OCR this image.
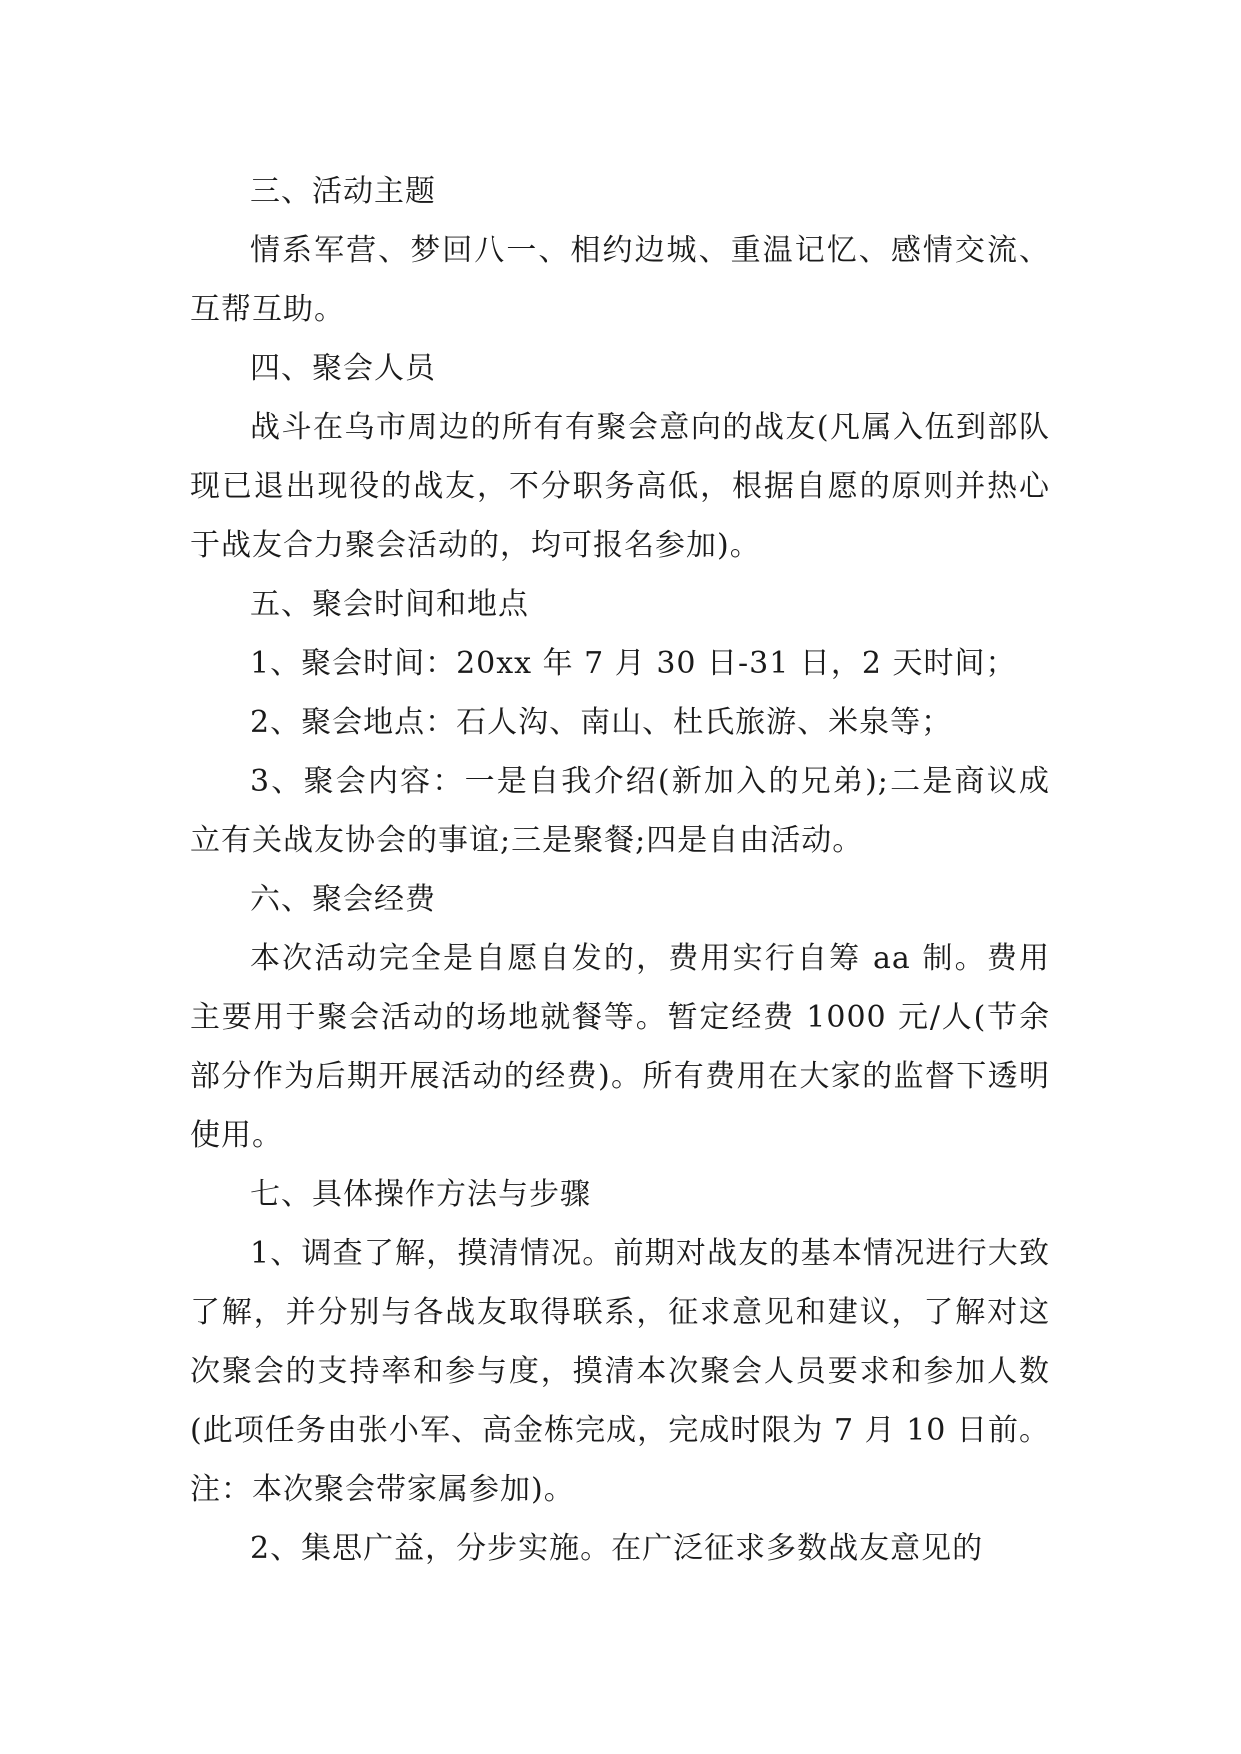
三、活动主题

情系军营、梦回八一、相约边城、重温记忆、感情交流、互帮互助。

四、聚会人员

战斗在乌市周边的所有有聚会意向的战友(凡属入伍到部队现已退出现役的战友，不分职务高低，根据自愿的原则并热心于战友合力聚会活动的，均可报名参加)。

五、聚会时间和地点

1、聚会时间：20xx 年 7 月 30 日-31 日，2 天时间；

2、聚会地点：石人沟、南山、杜氏旅游、米泉等；

3、聚会内容：一是自我介绍(新加入的兄弟);二是商议成立有关战友协会的事谊;三是聚餐;四是自由活动。

六、聚会经费

本次活动完全是自愿自发的，费用实行自筹 aa 制。费用主要用于聚会活动的场地就餐等。暂定经费 1000 元/人(节余部分作为后期开展活动的经费)。所有费用在大家的监督下透明使用。

七、具体操作方法与步骤

1、调查了解，摸清情况。前期对战友的基本情况进行大致了解，并分别与各战友取得联系，征求意见和建议，了解对这次聚会的支持率和参与度，摸清本次聚会人员要求和参加人数(此项任务由张小军、高金栋完成，完成时限为 7 月 10 日前。注：本次聚会带家属参加)。

2、集思广益，分步实施。在广泛征求多数战友意见的
